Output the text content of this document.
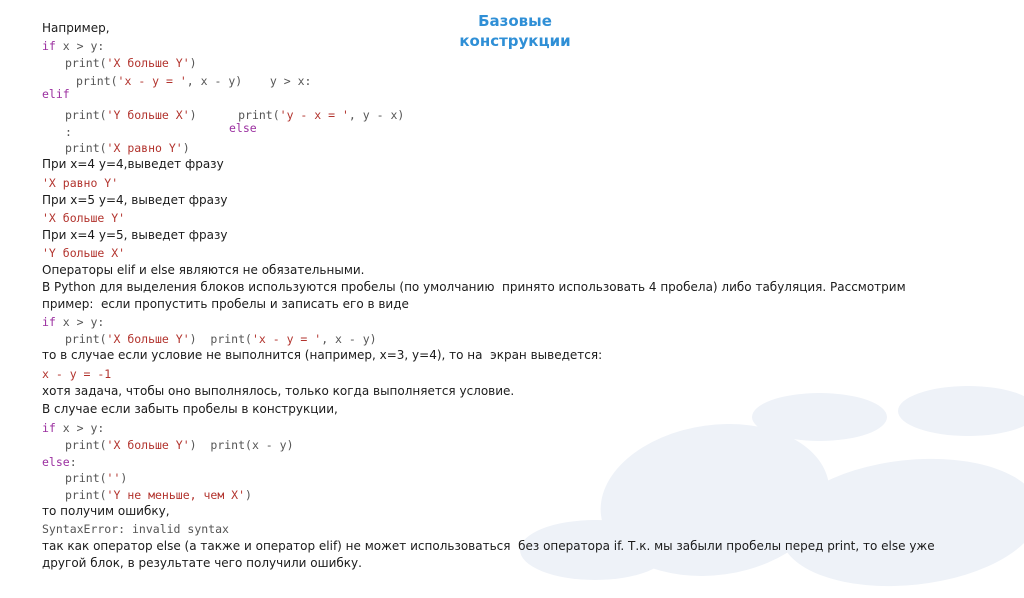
Базовые
конструкции
Например,
if x > y:
print('X больше Y')
print('x - y = ', x - y)    y > x:
elif
print('Y больше X')      print('y - x = ', y - x)
:	else
print('X равно Y')
При x=4 y=4,выведет фразу
'X равно Y'
При x=5 y=4, выведет фразу
'X больше Y'
При x=4 y=5, выведет фразу
'Y больше X'
Операторы elif и else являются не обязательными.
В Python для выделения блоков используются пробелы (по умолчанию  принято использовать 4 пробела) либо табуляция. Рассмотрим
пример:  если пропустить пробелы и записать его в виде
if x > y:
print('X больше Y')  print('x - y = ', x - y)
то в случае если условие не выполнится (например, x=3, y=4), то на  экран выведется:
x - y = -1
хотя задача, чтобы оно выполнялось, только когда выполняется условие.
В случае если забыть пробелы в конструкции,
if x > y:
print('X больше Y')  print(x - y)
else:
print('')
print('Y не меньше, чем X')
то получим ошибку,
SyntaxError: invalid syntax
так как оператор else (а также и оператор elif) не может использоваться  без оператора if. Т.к. мы забыли пробелы перед print, то else уже
другой блок, в результате чего получили ошибку.
